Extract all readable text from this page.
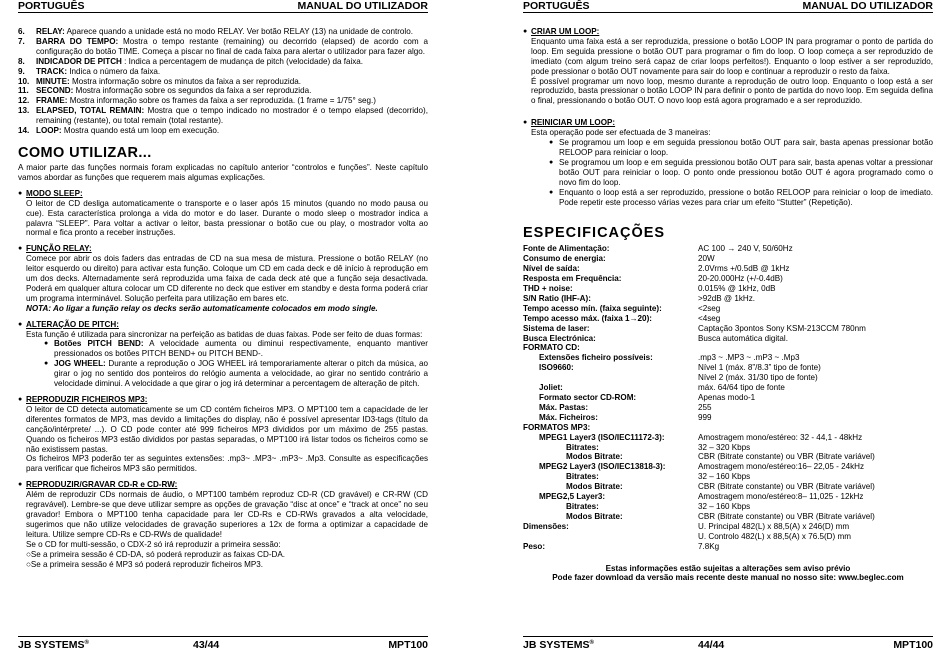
PORTUGUÊS	MANUAL DO UTILIZADOR
6.	RELAY: Aparece quando a unidade está no modo RELAY. Ver botão RELAY (13) na unidade de controlo.
7.	BARRA DO TEMPO: Mostra o tempo restante (remaining) ou decorrido (elapsed) de acordo com a configuração do botão TIME. Começa a piscar no final de cada faixa para alertar o utilizador para fazer algo.
8.	INDICADOR DE PITCH : Indica a percentagem de mudança de pitch (velocidade) da faixa.
9.	TRACK: Indica o número da faixa.
10. MINUTE: Mostra informação sobre os minutos da faixa a ser reproduzida.
11. SECOND: Mostra informação sobre os segundos da faixa a ser reproduzida.
12. FRAME: Mostra informação sobre os frames da faixa a ser reproduzida. (1 frame = 1/75° seg.)
13. ELAPSED, TOTAL REMAIN: Mostra que o tempo indicado no mostrador é o tempo elapsed (decorrido), remaining (restante), ou total remain (total restante).
14. LOOP: Mostra quando está um loop em execução.
COMO UTILIZAR...

A maior parte das funções normais foram explicadas no capítulo anterior “controlos e funções”. Neste capítulo vamos abordar as funções que requerem mais algumas explicações.

● MODO SLEEP:

O leitor de CD desliga automaticamente o transporte e o laser após 15 minutos (quando no modo pausa ou cue). Esta característica prolonga a vida do motor e do laser. Durante o modo sleep o mostrador indica a palavra “SLEEP”. Para voltar a activar o leitor, basta pressionar o botão cue ou play, o mostrador volta ao normal e fica pronto a receber instruções.

● FUNÇÃO RELAY:

Comece por abrir os dois faders das entradas de CD na sua mesa de mistura. Pressione o botão RELAY (no leitor esquerdo ou direito) para activar esta função. Coloque um CD em cada deck e dê início à reprodução em um dos decks. Alternadamente será reproduzida uma faixa de cada deck até que a função seja desactivada. Poderá em qualquer altura colocar um CD diferente no deck que estiver em standby e desta forma poderá criar um programa interminável. Solução perfeita para utilização em bares etc.

NOTA: Ao ligar a função relay os decks serão automaticamente colocados em modo single.

● ALTERAÇÃO DE PITCH:

Esta função é utilizada para sincronizar na perfeição as batidas de duas faixas. Pode ser feito de duas formas:

● Botões PITCH BEND: A velocidade aumenta ou diminui respectivamente, enquanto mantiver pressionados os botões PITCH BEND+ ou PITCH BEND-.
● JOG WHEEL: Durante a reprodução o JOG WHEEL irá temporariamente alterar o pitch da música, ao girar o jog no sentido dos ponteiros do relógio aumenta a velocidade, ao girar no sentido contrário a velocidade diminui. A velocidade a que girar o jog irá determinar a percentagem de alteração de pitch.
● REPRODUZIR FICHEIROS MP3:

O leitor de CD detecta automaticamente se um CD contém ficheiros MP3. O MPT100 tem a capacidade de ler diferentes formatos de MP3, mas devido a limitações do display, não é possível apresentar ID3-tags (título da canção/intérprete/ ...). O CD pode conter até 999 ficheiros MP3 divididos por um máximo de 255 pastas. Quando os ficheiros MP3 estão divididos por pastas separadas, o MPT100 irá listar todos os ficheiros como se não existissem pastas.

Os ficheiros MP3 poderão ter as seguintes extensões: .mp3~ .MP3~ .mP3~ .Mp3. Consulte as especificações para verificar que ficheiros MP3 são permitidos.

● REPRODUZIR/GRAVAR CD-R e CD-RW:

Além de reproduzir CDs normais de áudio, o MPT100 também reproduz CD-R (CD gravável) e CR-RW (CD regravável). Lembre-se que deve utilizar sempre as opções de gravação “disc at once” e “track at once” no seu gravador! Embora o MPT100 tenha capacidade para ler CD-Rs e CD-RWs gravados a alta velocidade, sugerimos que não utilize velocidades de gravação superiores a 12x de forma a optimizar a capacidade de leitura. Utilize sempre CD-Rs e CD-RWs de qualidade!

Se o CD for multi-sessão, o CDX-2 só irá reproduzir a primeira sessão:

○ Se a primeira sessão é CD-DA, só poderá reproduzir as faixas CD-DA.
○ Se a primeira sessão é MP3 só poderá reproduzir ficheiros MP3.
JB SYSTEMS®	43/44	MPT100
PORTUGUÊS	MANUAL DO UTILIZADOR
● CRIAR UM LOOP:

Enquanto uma faixa está a ser reproduzida, pressione o botão LOOP IN para programar o ponto de partida do loop. Em seguida pressione o botão OUT para programar o fim do loop. O loop começa a ser reproduzido de imediato (com algum treino será capaz de criar loops perfeitos!). Enquanto o loop estiver a ser reproduzido, pode pressionar o botão OUT novamente para sair do loop e continuar a reproduzir o resto da faixa.

É possível programar um novo loop, mesmo durante a reprodução de outro loop. Enquanto o loop está a ser reproduzido, basta pressionar o botão LOOP IN para definir o ponto de partida do novo loop. Em seguida defina o final, pressionando o botão OUT. O novo loop está agora programado e a ser reproduzido.

● REINICIAR UM LOOP:

Esta operação pode ser efectuada de 3 maneiras:

● Se programou um loop e em seguida pressionou botão OUT para sair, basta apenas pressionar botão RELOOP para reiniciar o loop.
● Se programou um loop e em seguida pressionou botão OUT para sair, basta apenas voltar a pressionar botão OUT para reiniciar o loop. O ponto onde pressionou botão OUT é agora programado como o novo fim do loop.
● Enquanto o loop está a ser reproduzido, pressione o botão RELOOP para reiniciar o loop de imediato. Pode repetir este processo várias vezes para criar um efeito “Stutter” (Repetição).
ESPECIFICAÇÕES
Fonte de Alimentação:	AC 100 → 240 V, 50/60Hz
Consumo de energia:	20W
Nível de saída:	2.0Vrms +/0.5dB @ 1kHz
Resposta em Frequência:	20-20.000Hz (+/-0.4dB)
THD + noise:	0.015% @ 1kHz, 0dB
S/N Ratio (IHF-A):	>92dB @ 1kHz.
Tempo acesso mín. (faixa seguinte):	<2seg
Tempo acesso máx. (faixa 1→20):	<4seg
Sistema de laser:	Captação 3pontos Sony KSM-213CCM 780nm
Busca Electrónica:	Busca automática digital.
FORMATO CD:
Extensões ficheiro possíveis:	.mp3 ~ .MP3 ~ .mP3 ~ .Mp3
ISO9660:	Nível 1 (máx. 8”/8.3” tipo de fonte)
Nível 2 (máx. 31/30 tipo de fonte)
Joliet:	máx. 64/64 tipo de fonte
Formato sector CD-ROM:	Apenas modo-1
Máx. Pastas:	255
Máx. Ficheiros:	999
FORMATOS MP3:
MPEG1 Layer3 (ISO/IEC11172-3):	Amostragem mono/estéreo: 32 - 44,1 - 48kHz
Bitrates:	32 – 320 Kbps
Modos Bitrate:	CBR (Bitrate constante) ou VBR (Bitrate variável)
MPEG2 Layer3 (ISO/IEC13818-3):	Amostragem mono/estéreo:16– 22,05 - 24kHz
Bitrates:	32 – 160 Kbps
Modos Bitrate:	CBR (Bitrate constante) ou VBR (Bitrate variável)
MPEG2,5 Layer3:	Amostragem mono/estéreo:8– 11,025 - 12kHz
Bitrates:	32 – 160 Kbps
Modos Bitrate:	CBR (Bitrate constante) ou VBR (Bitrate variável)
Dimensões:	U. Principal 482(L) x 88,5(A) x 246(D) mm
U. Controlo 482(L) x 88,5(A) x 76.5(D) mm
Peso:	7.8Kg

Estas informações estão sujeitas a alterações sem aviso prévio
Pode fazer download da versão mais recente deste manual no nosso site: www.beglec.com

JB SYSTEMS®	44/44	MPT100
